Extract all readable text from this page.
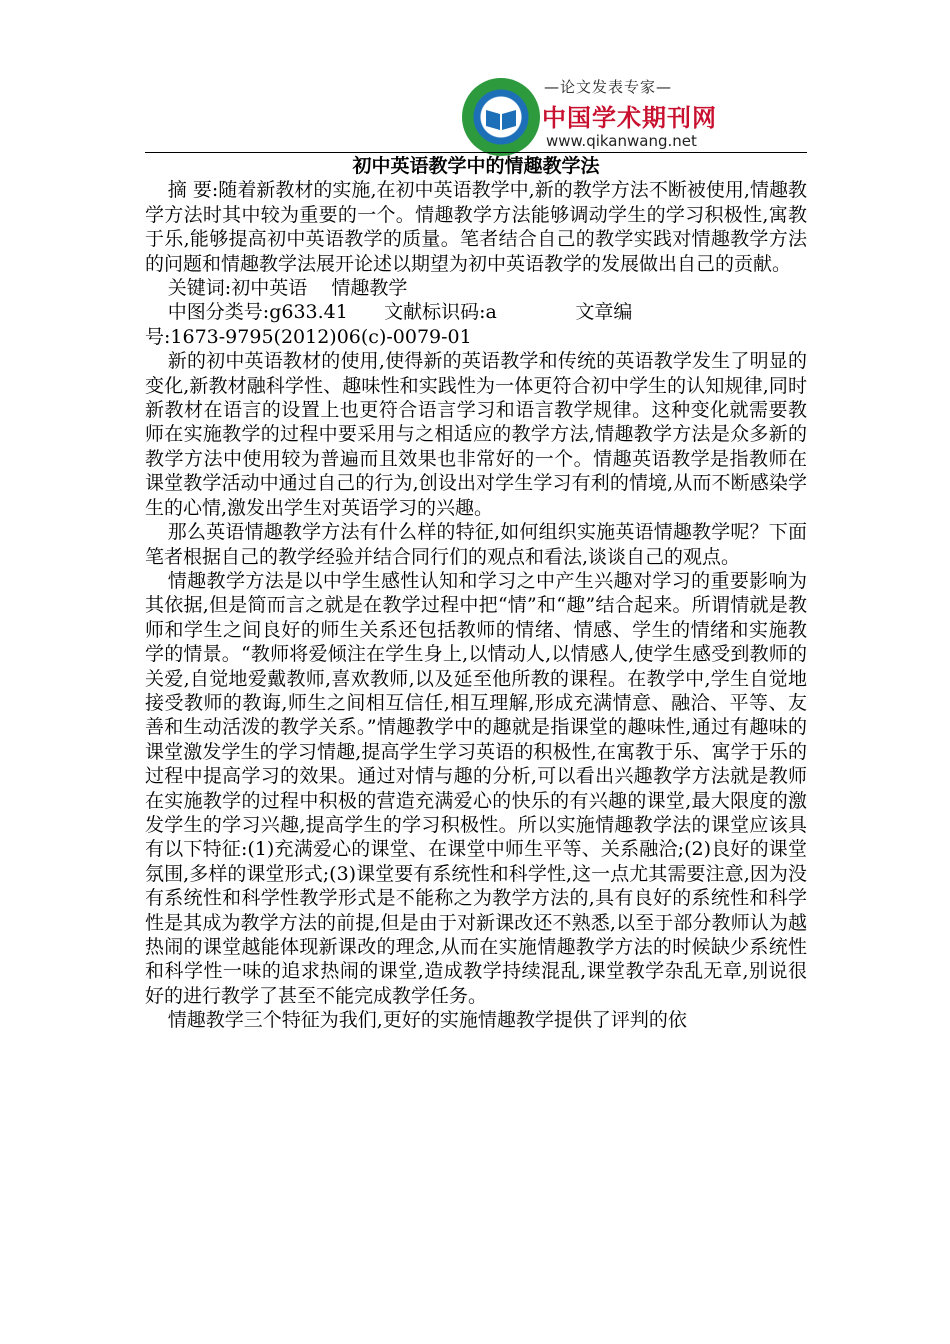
—论文发表专家—
中国学术期刊网
www.qikanwang.net

初中英语教学中的情趣教学法

摘 要:随着新教材的实施,在初中英语教学中,新的教学方法不断被使用,情趣教学方法时其中较为重要的一个。情趣教学方法能够调动学生的学习积极性,寓教于乐,能够提高初中英语教学的质量。笔者结合自己的教学实践对情趣教学方法的问题和情趣教学法展开论述以期望为初中英语教学的发展做出自己的贡献。

关键词:初中英语    情趣教学

中图分类号:g633.41      文献标识码:a             文章编

号:1673-9795(2012)06(c)-0079-01

新的初中英语教材的使用,使得新的英语教学和传统的英语教学发生了明显的变化,新教材融科学性、趣味性和实践性为一体更符合初中学生的认知规律,同时新教材在语言的设置上也更符合语言学习和语言教学规律。这种变化就需要教师在实施教学的过程中要采用与之相适应的教学方法,情趣教学方法是众多新的教学方法中使用较为普遍而且效果也非常好的一个。情趣英语教学是指教师在课堂教学活动中通过自己的行为,创设出对学生学习有利的情境,从而不断感染学生的心情,激发出学生对英语学习的兴趣。

那么英语情趣教学方法有什么样的特征,如何组织实施英语情趣教学呢？下面笔者根据自己的教学经验并结合同行们的观点和看法,谈谈自己的观点。

情趣教学方法是以中学生感性认知和学习之中产生兴趣对学习的重要影响为其依据,但是简而言之就是在教学过程中把“情”和“趣”结合起来。所谓情就是教师和学生之间良好的师生关系还包括教师的情绪、情感、学生的情绪和实施教学的情景。“教师将爱倾注在学生身上,以情动人,以情感人,使学生感受到教师的关爱,自觉地爱戴教师,喜欢教师,以及延至他所教的课程。在教学中,学生自觉地接受教师的教诲,师生之间相互信任,相互理解,形成充满情意、融洽、平等、友善和生动活泼的教学关系。”情趣教学中的趣就是指课堂的趣味性,通过有趣味的课堂激发学生的学习情趣,提高学生学习英语的积极性,在寓教于乐、寓学于乐的过程中提高学习的效果。通过对情与趣的分析,可以看出兴趣教学方法就是教师在实施教学的过程中积极的营造充满爱心的快乐的有兴趣的课堂,最大限度的激发学生的学习兴趣,提高学生的学习积极性。所以实施情趣教学法的课堂应该具有以下特征:(1)充满爱心的课堂、在课堂中师生平等、关系融洽;(2)良好的课堂氛围,多样的课堂形式;(3)课堂要有系统性和科学性,这一点尤其需要注意,因为没有系统性和科学性教学形式是不能称之为教学方法的,具有良好的系统性和科学性是其成为教学方法的前提,但是由于对新课改还不熟悉,以至于部分教师认为越热闹的课堂越能体现新课改的理念,从而在实施情趣教学方法的时候缺少系统性和科学性一味的追求热闹的课堂,造成教学持续混乱,课堂教学杂乱无章,别说很好的进行教学了甚至不能完成教学任务。

情趣教学三个特征为我们,更好的实施情趣教学提供了评判的依
